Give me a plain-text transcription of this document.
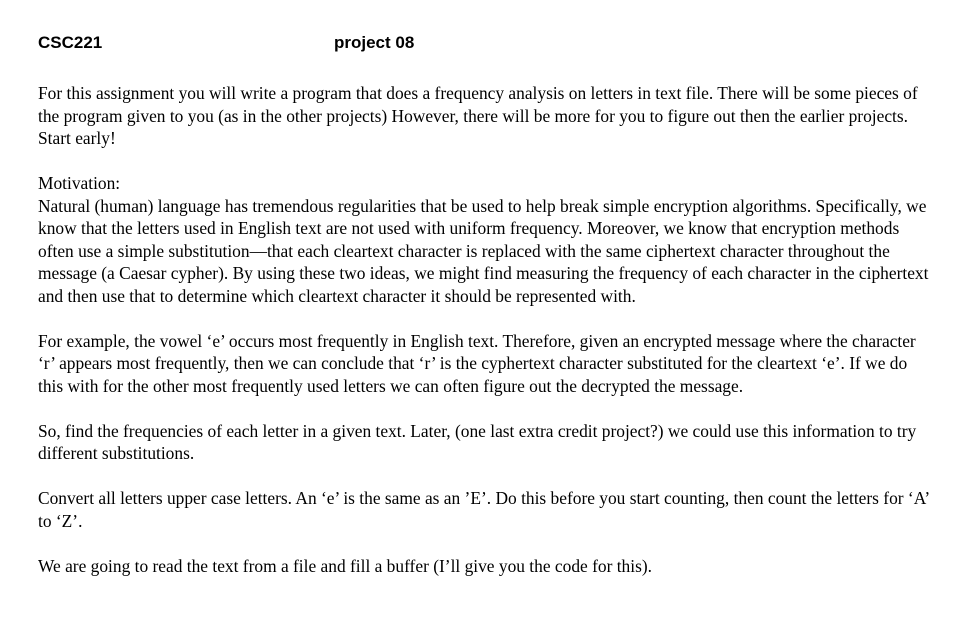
CSC221	project 08

For this assignment you will write a program that does a frequency analysis on letters in text file. There will be some pieces of the program given to you (as in the other projects) However, there will be more for you to figure out then the earlier projects. Start early!

Motivation:

Natural (human) language has tremendous regularities that be used to help break simple encryption algorithms. Specifically, we know that the letters used in English text are not used with uniform frequency. Moreover, we know that encryption methods often use a simple substitution—that each cleartext character is replaced with the same ciphertext character throughout the message (a Caesar cypher). By using these two ideas, we might find measuring the frequency of each character in the ciphertext and then use that to determine which cleartext character it should be represented with.

For example, the vowel ‘e’ occurs most frequently in English text. Therefore, given an encrypted message where the character ‘r’ appears most frequently, then we can conclude that ‘r’ is the cyphertext character substituted for the cleartext ‘e’. If we do this with for the other most frequently used letters we can often figure out the decrypted the message.

So, find the frequencies of each letter in a given text. Later, (one last extra credit project?) we could use this information to try different substitutions.

Convert all letters upper case letters. An ‘e’ is the same as an ’E’. Do this before you start counting, then count the letters for ‘A’ to ‘Z’.

We are going to read the text from a file and fill a buffer (I’ll give you the code for this).
